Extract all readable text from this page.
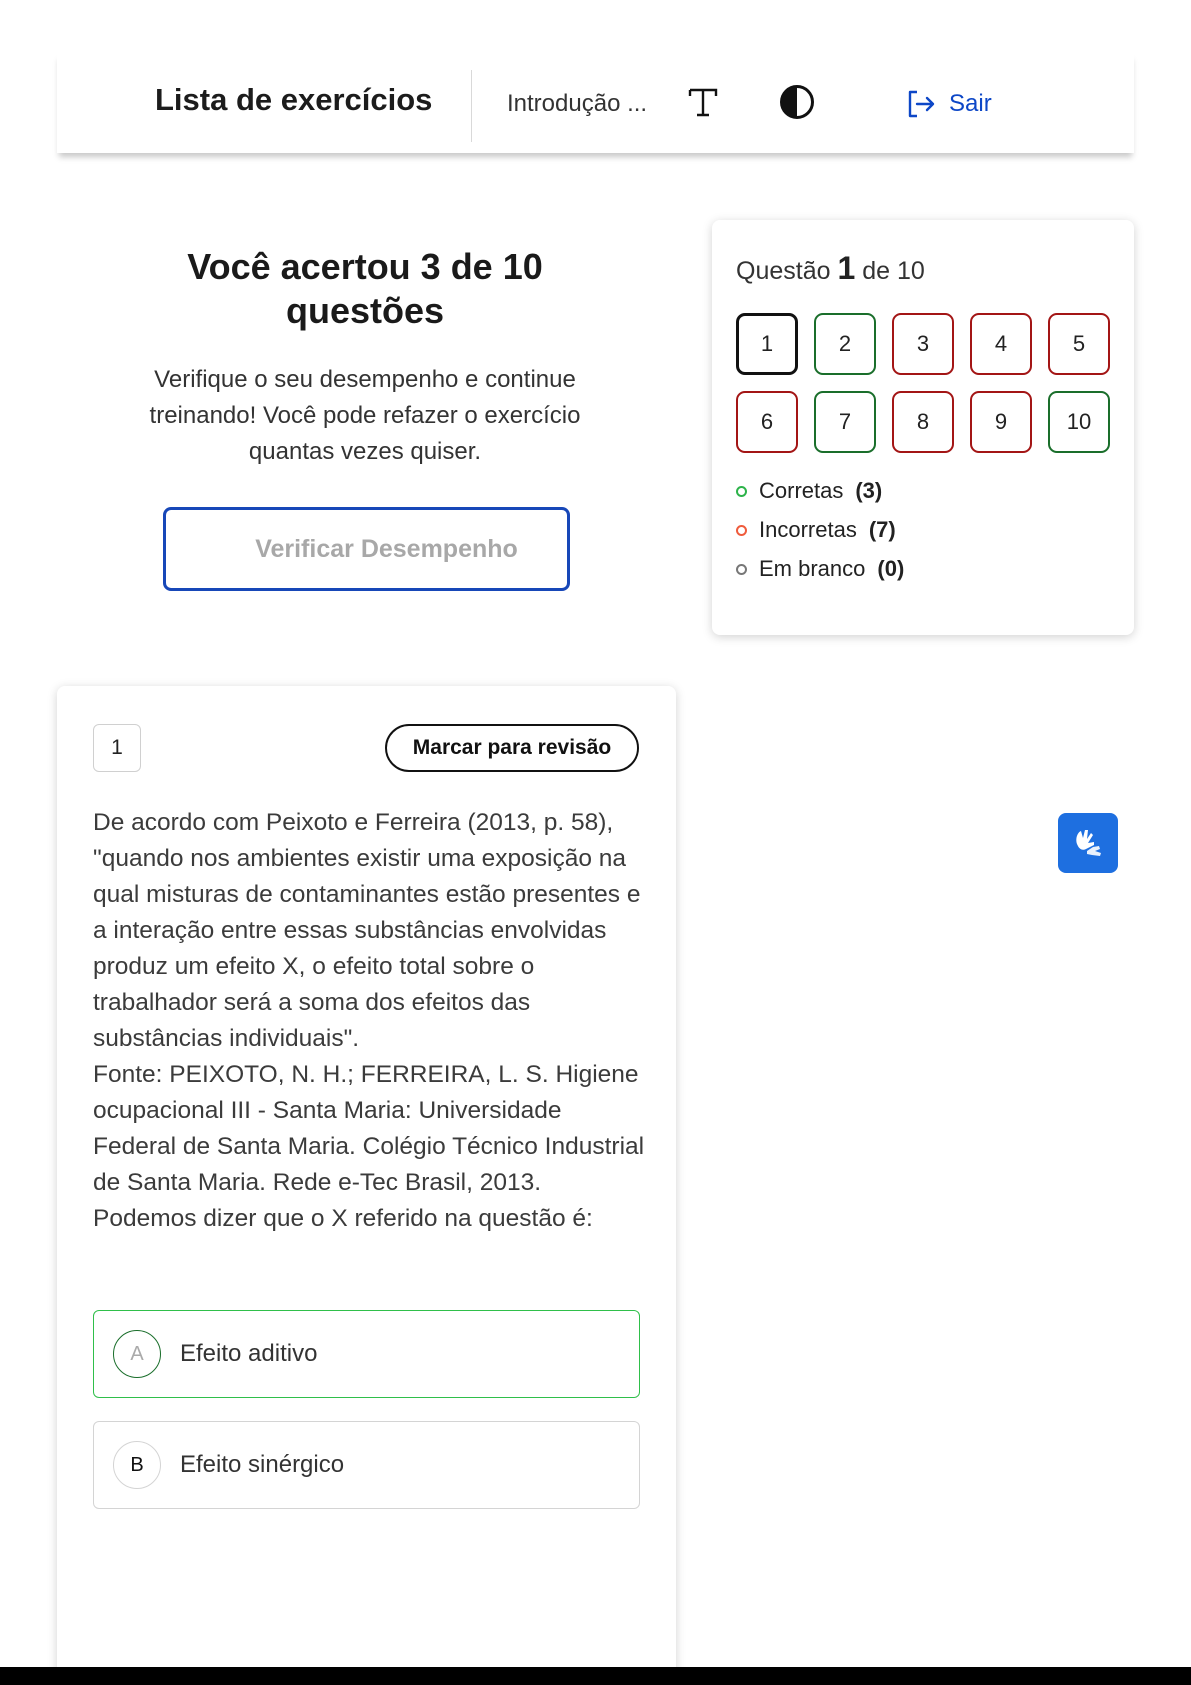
Lista de exercícios	Introdução ...	Sair
Você acertou 3 de 10 questões
Verifique o seu desempenho e continue treinando! Você pode refazer o exercício quantas vezes quiser.
Verificar Desempenho
Questão 1 de 10
1	2	3	4	5
6	7	8	9	10
Corretas (3)
Incorretas (7)
Em branco (0)
1	Marcar para revisão

De acordo com Peixoto e Ferreira (2013, p. 58), "quando nos ambientes existir uma exposição na qual misturas de contaminantes estão presentes e a interação entre essas substâncias envolvidas produz um efeito X, o efeito total sobre o trabalhador será a soma dos efeitos das substâncias individuais".

Fonte: PEIXOTO, N. H.; FERREIRA, L. S. Higiene ocupacional III - Santa Maria: Universidade Federal de Santa Maria. Colégio Técnico Industrial de Santa Maria. Rede e-Tec Brasil, 2013.

Podemos dizer que o X referido na questão é:

A	Efeito aditivo
B	Efeito sinérgico
